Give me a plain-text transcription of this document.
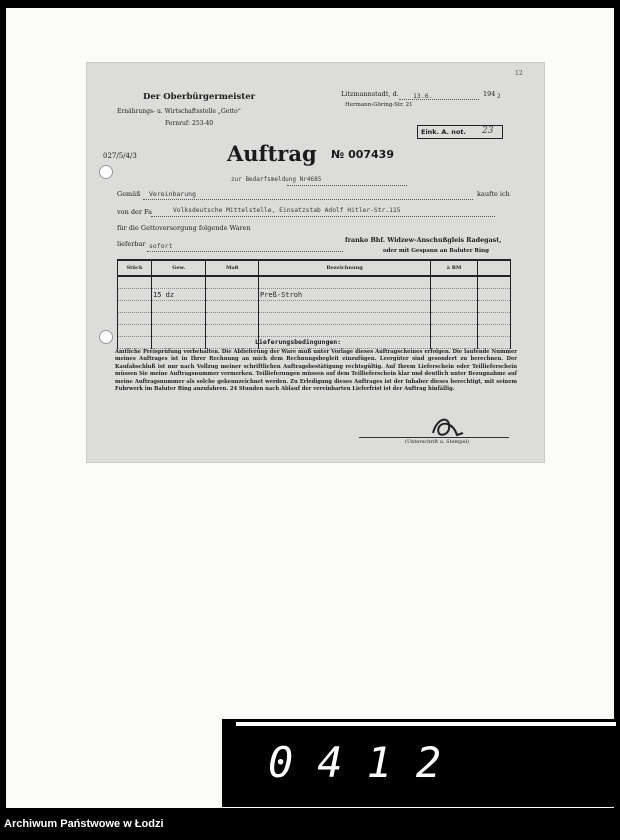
Der Oberbürgermeister
Ernährungs- u. Wirtschaftsstelle „Getto“
Fernruf: 253-40
Litzmannstadt, d. 13.6.	194 2
Hermann-Göring-Str. 21
12
Eink. A. not. 23
027/5/4/3	Auftrag № 007439
zur Bedarfsmeldung Nr4685
Gemäß Vereinbarung	kaufte ich
von der Fa	Volksdeutsche Mittelstelle, Einsatzstab Adolf Hitler-Str.115
für die Gettoversorgung folgende Waren
lieferbar sofort
franko Bhf. Widzew-Anschußgleis Radegast,
oder mit Gespann an Baluter Ring
Stück	Gew.	Maß	Bezeichnung	à RM	

	15 dz		Preß-Stroh		

Lieferungsbedingungen:
Amtliche Preisprüfung vorbehalten. Die Ablieferung der Ware muß unter Vorlage dieses Auftragscheines erfolgen. Die laufende Nummer meines Auftrages ist in Ihrer Rechnung an mich dem Rechnungsbegleit einzufügen. Leergüter sind gesondert zu berechnen. Der Kaufabschluß ist nur nach Vollzug meiner schriftlichen Auftragsbestätigung rechtsgültig. Auf Ihrem Lieferschein oder Teillieferschein müssen Sie meine Auftragsnummer vermerken. Teillieferungen müssen auf dem Teillieferschein klar und deutlich unter Bezugnahme auf meine Auftragsnummer als solche gekennzeichnet werden. Zu Erledigung dieses Auftrages ist der Inhaber dieses berechtigt, mit seinem Fuhrwerk im Baluter Ring anzufahren. 24 Stunden nach Ablauf der vereinbarten Lieferfrist ist der Auftrag hinfällig.
(Unterschrift u. Stempel)
0412
Archiwum Państwowe w Łodzi
